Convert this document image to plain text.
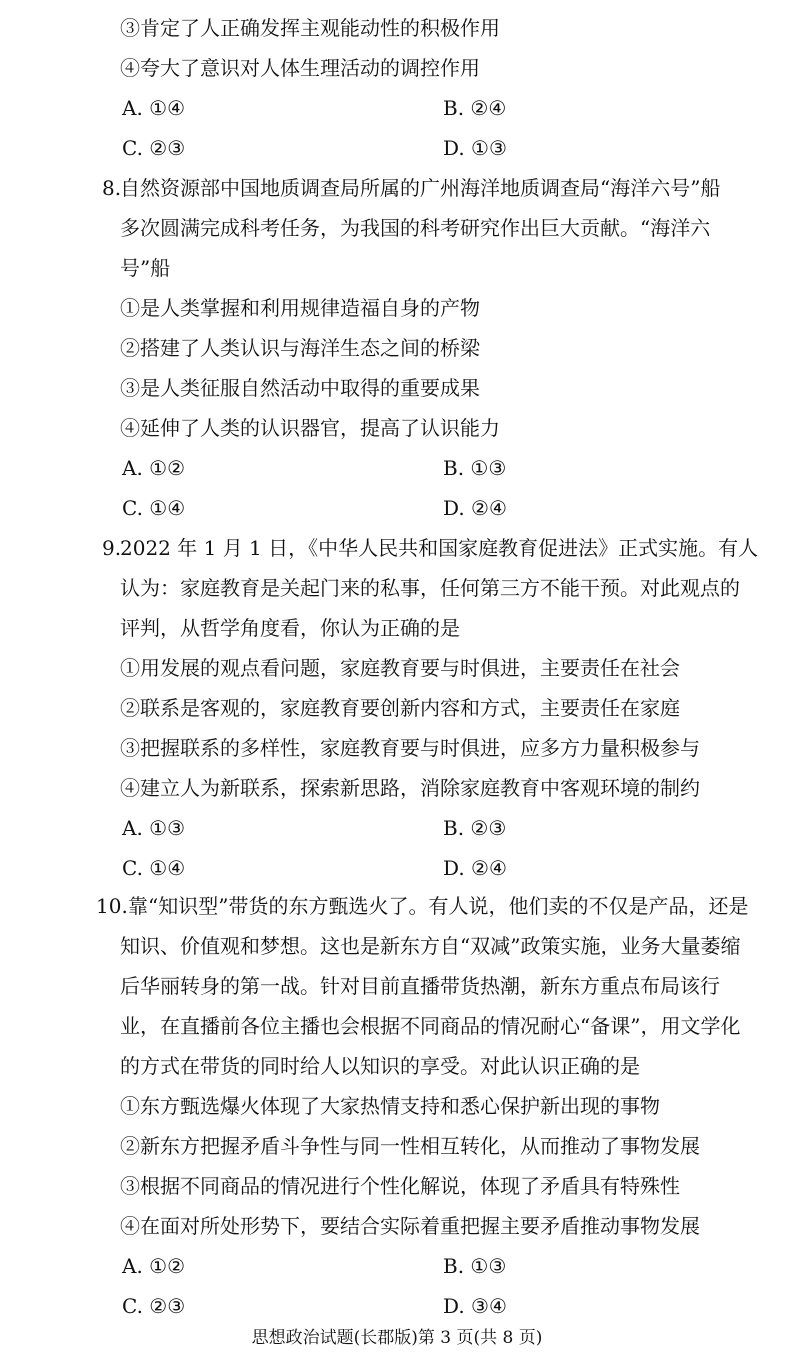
③肯定了人正确发挥主观能动性的积极作用
④夸大了意识对人体生理活动的调控作用
A. ①④	B. ②④
C. ②③	D. ①③
8.
自然资源部中国地质调查局所属的广州海洋地质调查局“海洋六号”船
多次圆满完成科考任务，为我国的科考研究作出巨大贡献。“海洋六
号”船
①是人类掌握和利用规律造福自身的产物
②搭建了人类认识与海洋生态之间的桥梁
③是人类征服自然活动中取得的重要成果
④延伸了人类的认识器官，提高了认识能力
A. ①②	B. ①③
C. ①④	D. ②④
9.
2022 年 1 月 1 日，《中华人民共和国家庭教育促进法》正式实施。有人
认为：家庭教育是关起门来的私事，任何第三方不能干预。对此观点的
评判，从哲学角度看，你认为正确的是
①用发展的观点看问题，家庭教育要与时俱进，主要责任在社会
②联系是客观的，家庭教育要创新内容和方式，主要责任在家庭
③把握联系的多样性，家庭教育要与时俱进，应多方力量积极参与
④建立人为新联系，探索新思路，消除家庭教育中客观环境的制约
A. ①③	B. ②③
C. ①④	D. ②④
10. 靠“知识型”带货的东方甄选火了。有人说，他们卖的不仅是产品，还是
知识、价值观和梦想。这也是新东方自“双减”政策实施，业务大量萎缩
后华丽转身的第一战。针对目前直播带货热潮，新东方重点布局该行
业，在直播前各位主播也会根据不同商品的情况耐心“备课”，用文学化
的方式在带货的同时给人以知识的享受。对此认识正确的是
①东方甄选爆火体现了大家热情支持和悉心保护新出现的事物
②新东方把握矛盾斗争性与同一性相互转化，从而推动了事物发展
③根据不同商品的情况进行个性化解说，体现了矛盾具有特殊性
④在面对所处形势下，要结合实际着重把握主要矛盾推动事物发展
A. ①②	B. ①③
C. ②③	D. ③④
思想政治试题(长郡版)第 3 页(共 8 页)
